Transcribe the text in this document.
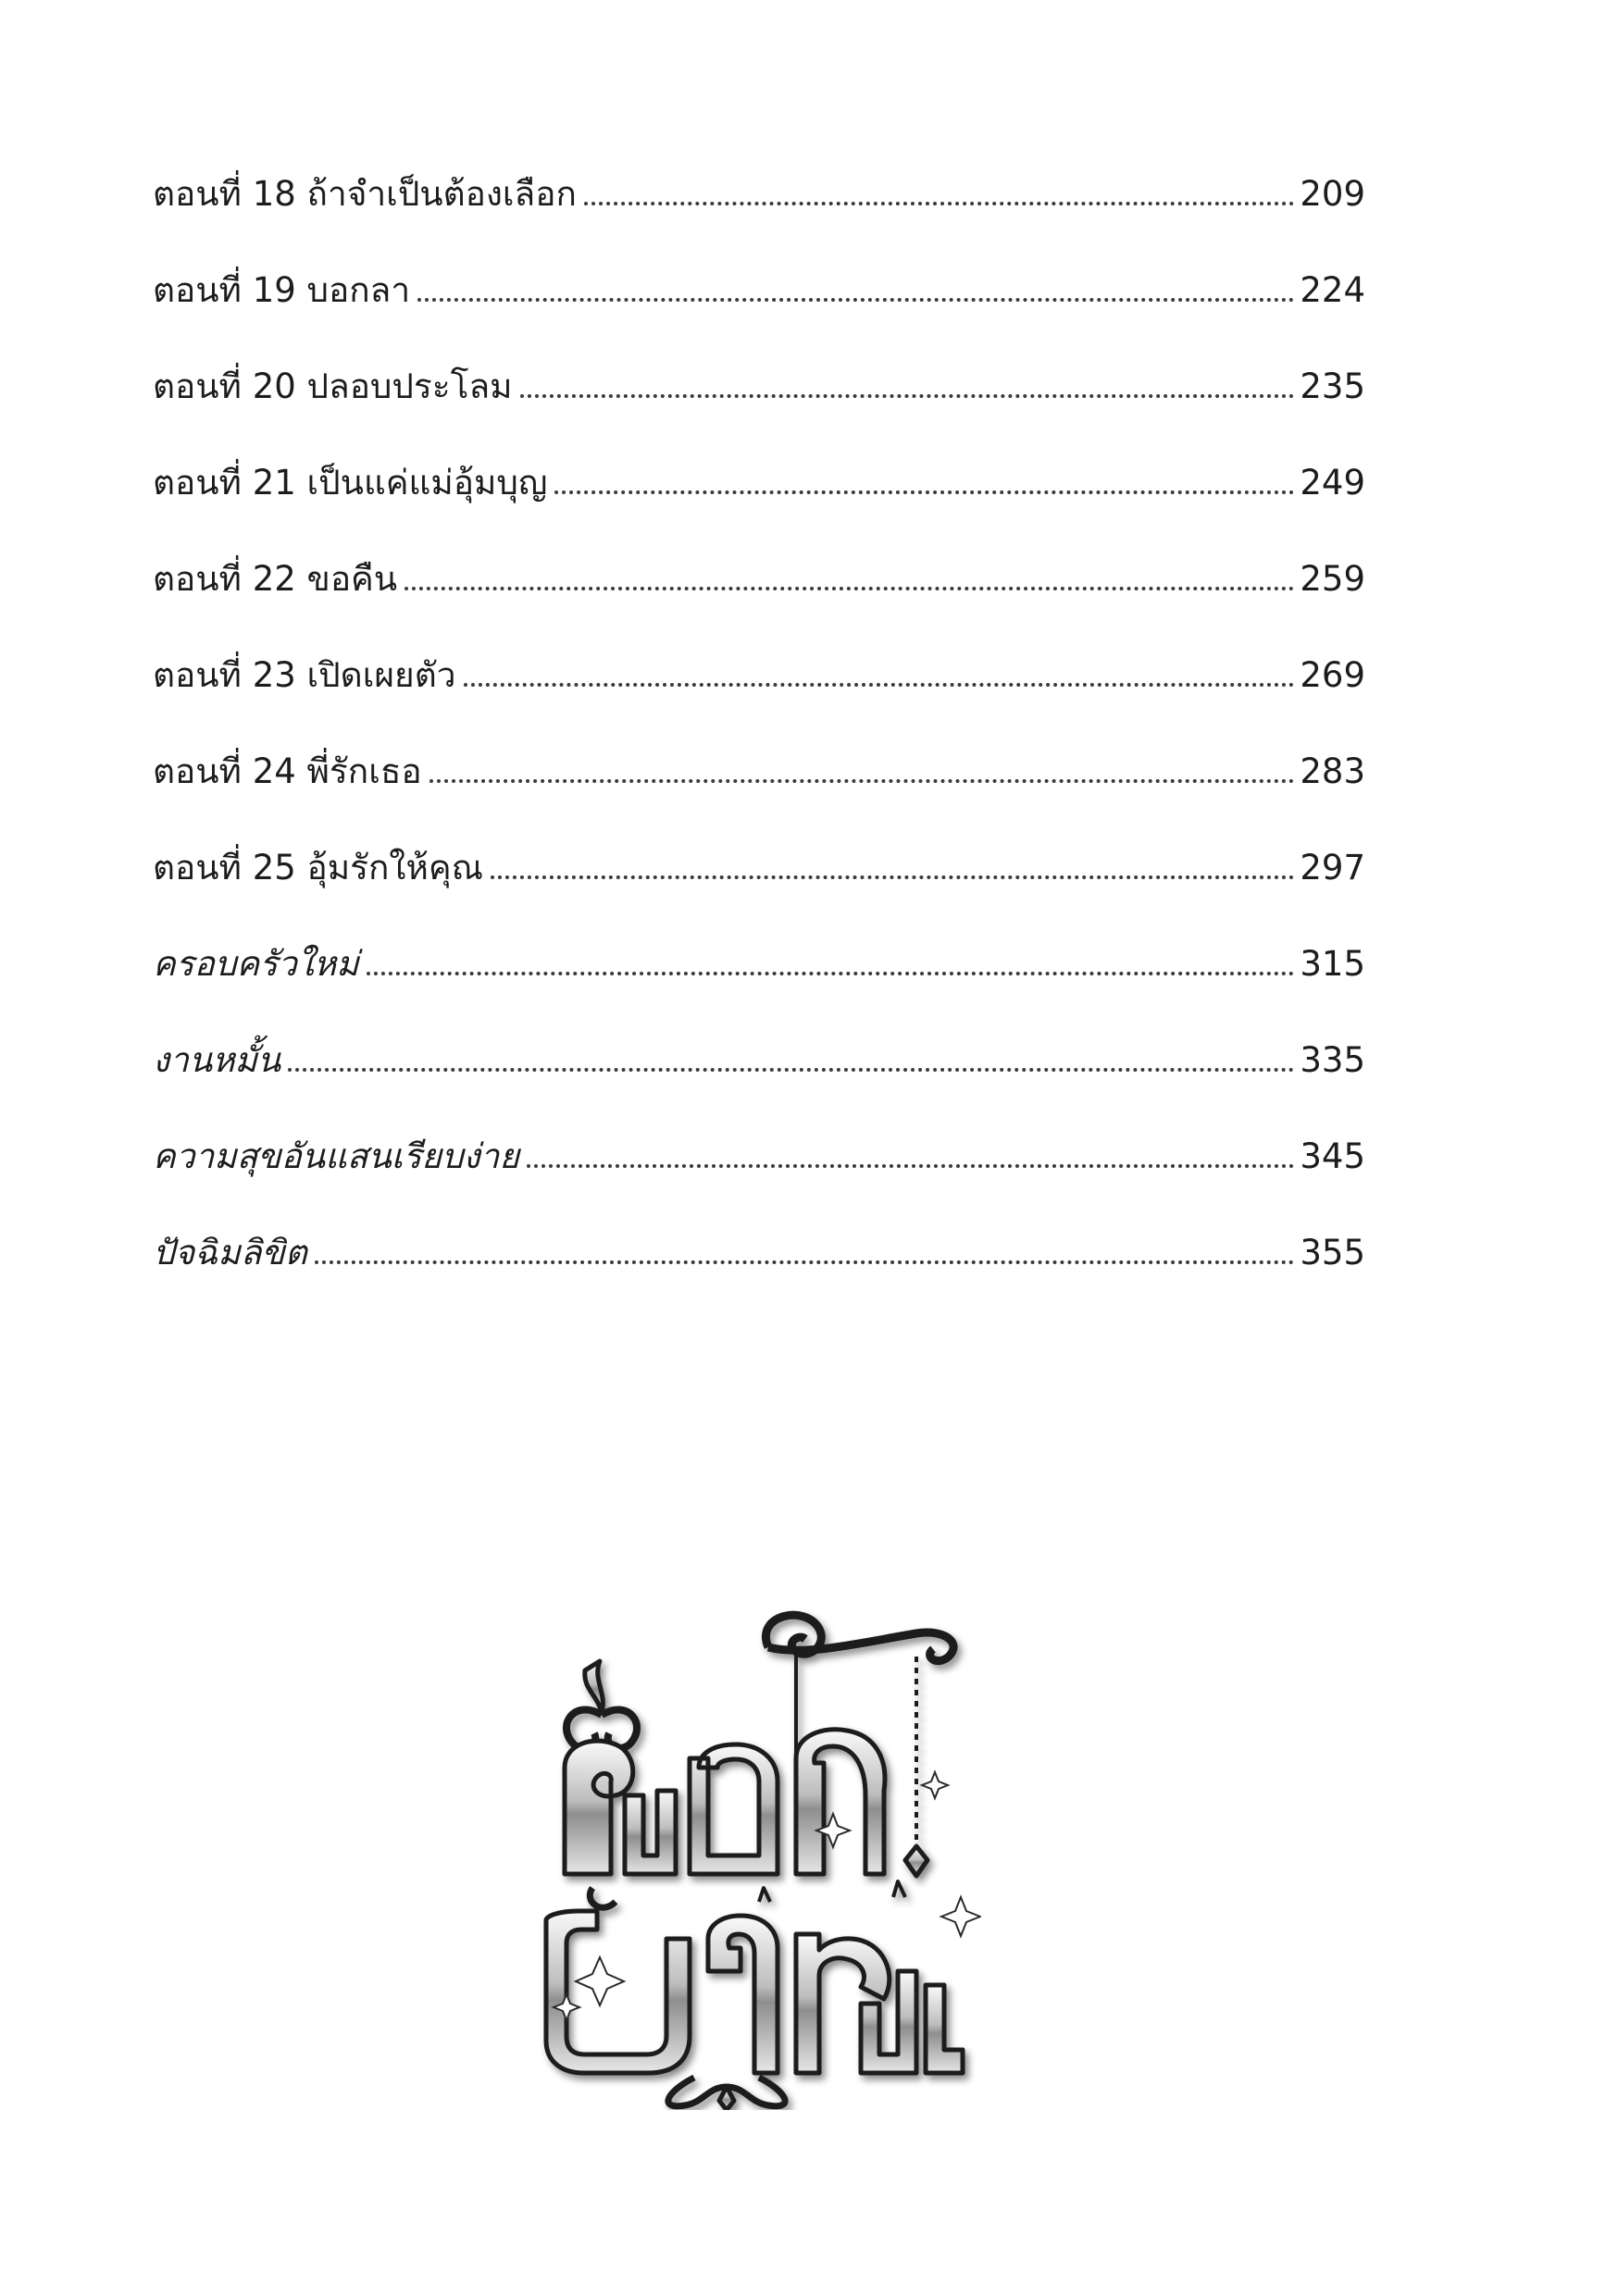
ตอนที่ 18 ถ้าจำเป็นต้องเลือก	209
ตอนที่ 19 บอกลา	224
ตอนที่ 20 ปลอบประโลม	235
ตอนที่ 21 เป็นแค่แม่อุ้มบุญ	249
ตอนที่ 22 ขอคืน	259
ตอนที่ 23 เปิดเผยตัว	269
ตอนที่ 24 พี่รักเธอ	283
ตอนที่ 25 อุ้มรักให้คุณ	297
ครอบครัวใหม่	315
งานหมั้น	335
ความสุขอันแสนเรียบง่าย	345
ปัจฉิมลิขิต	355
